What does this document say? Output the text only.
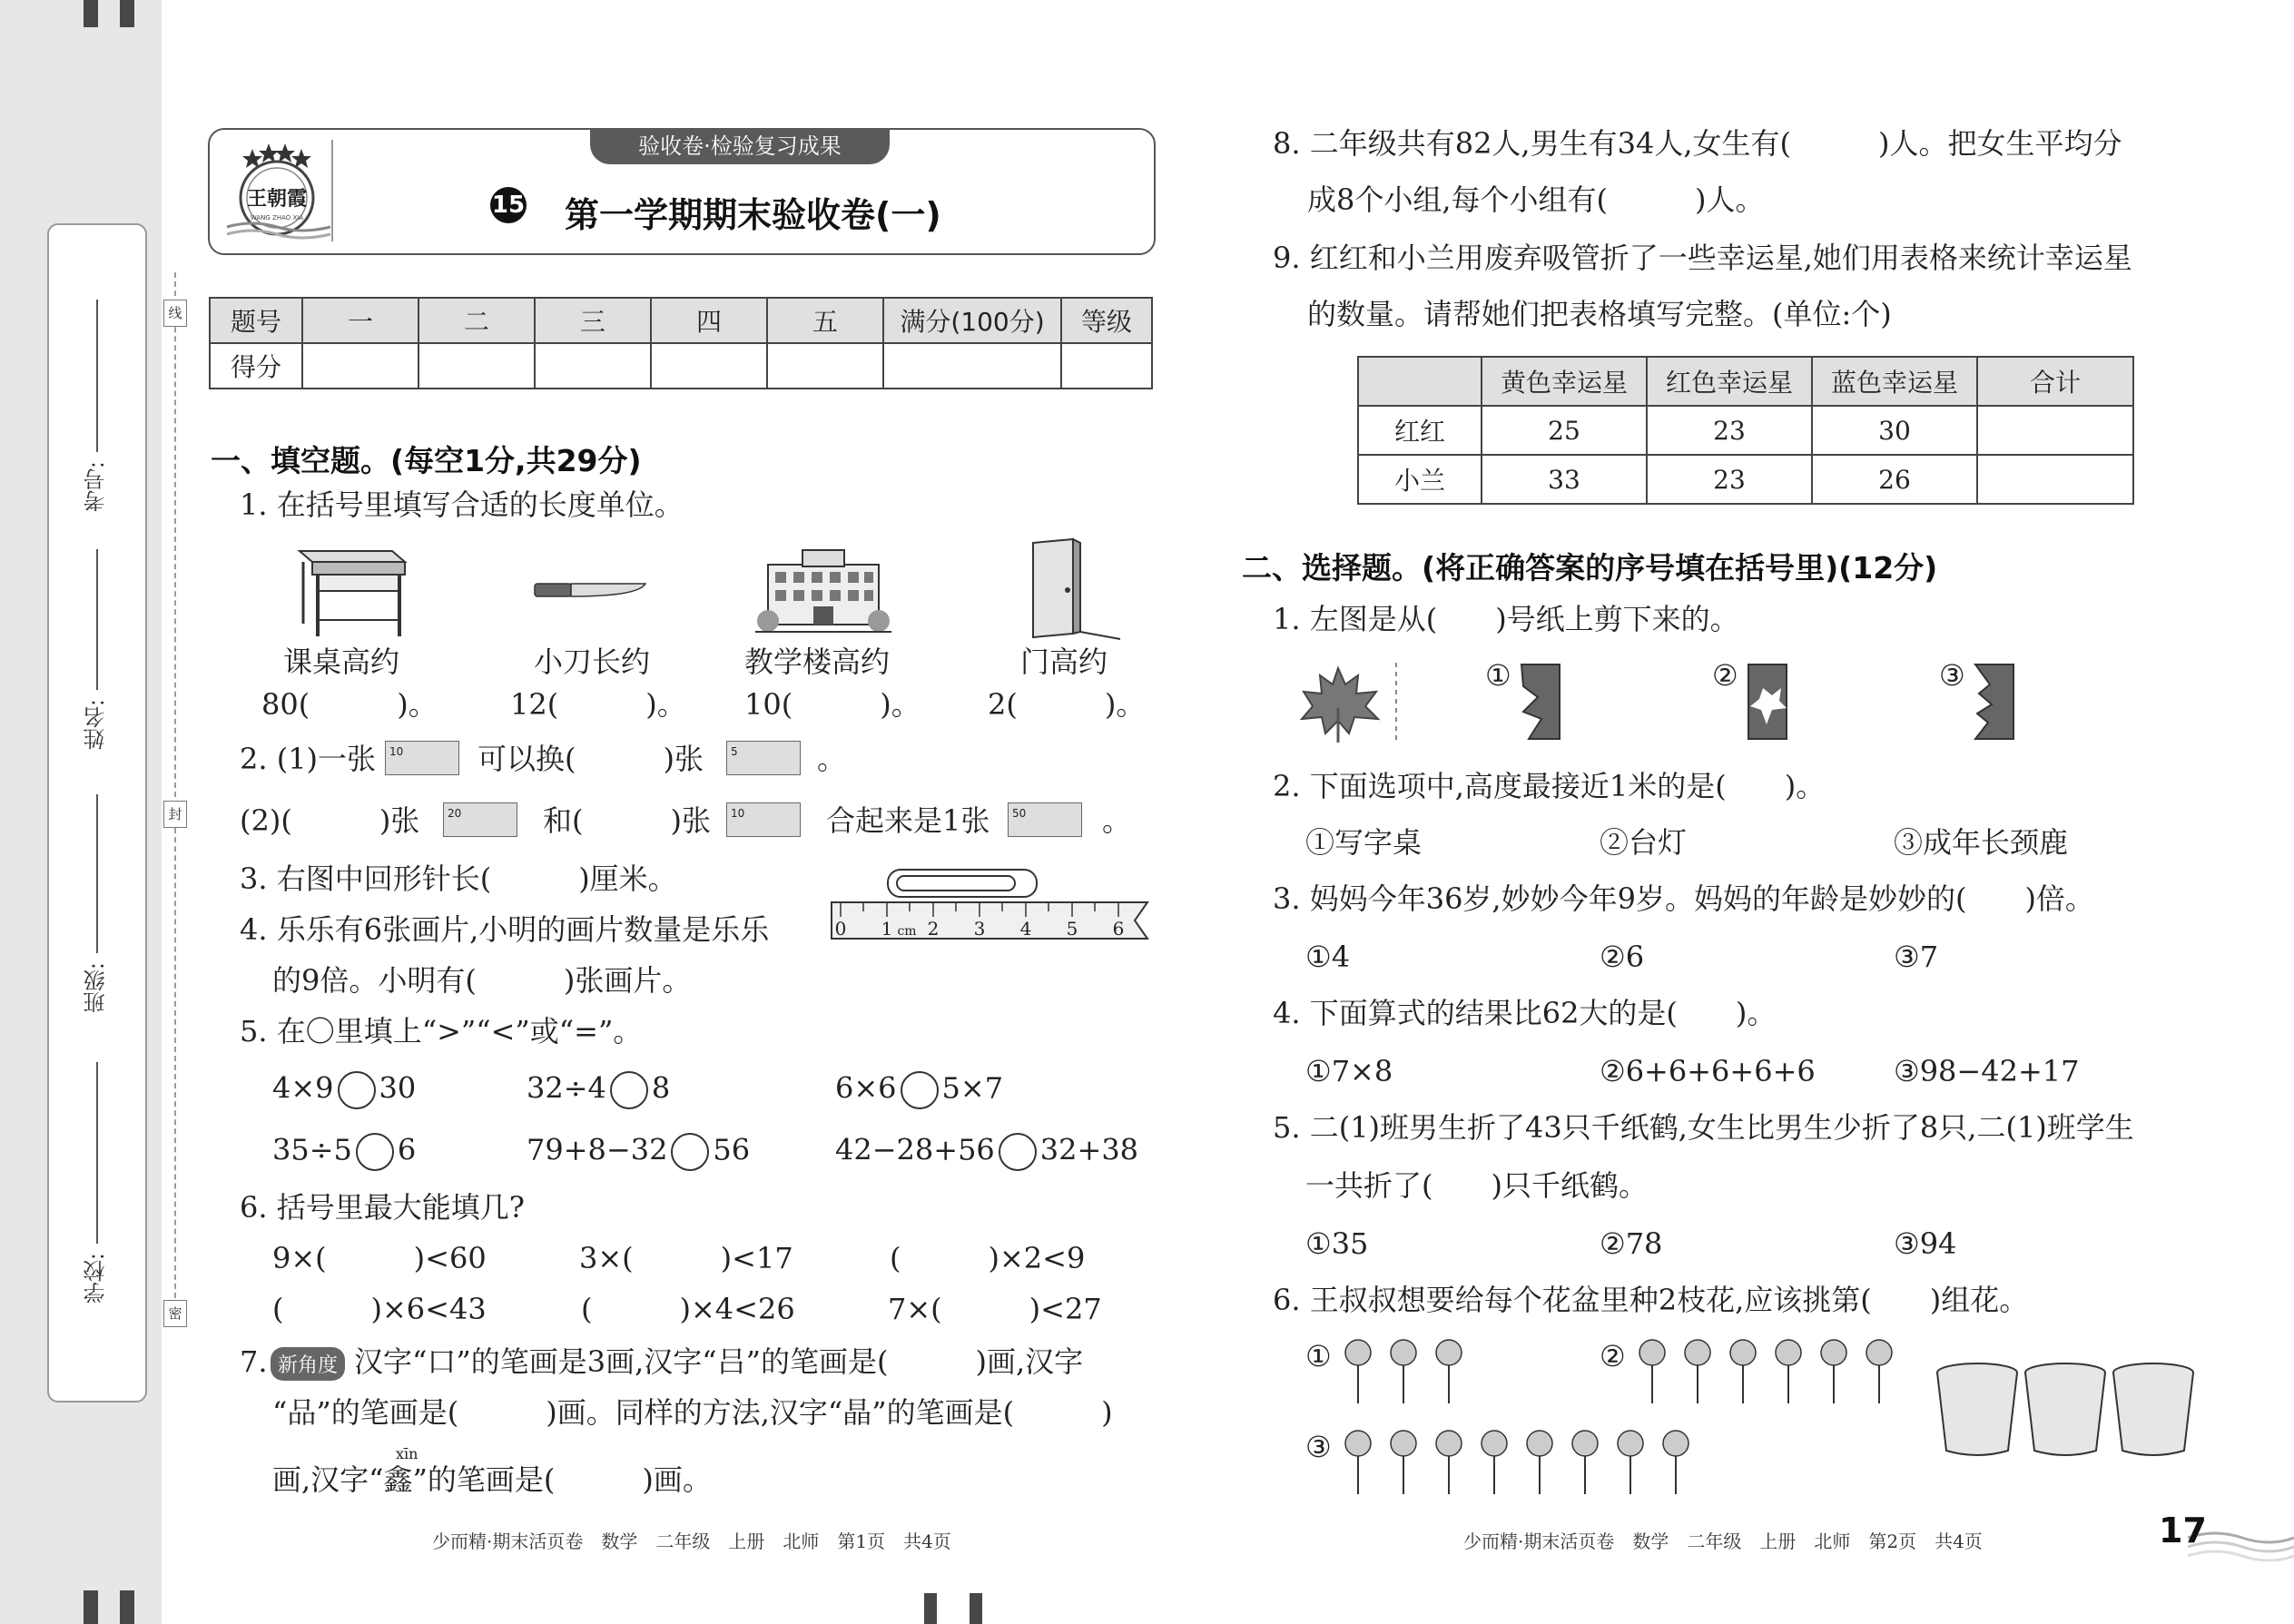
考号:
姓名:
班级:
学校:
线
封
密
验收卷·检验复习成果
王朝霞
WANG ZHAO XIA	15 第一学期期末验收卷(一)
题号	一	二	三	四	五	满分(100分)	等级
得分							
一、填空题。(每空1分,共29分)
1. 在括号里填写合适的长度单位。
课桌高约	小刀长约	教学楼高约	门高约
80(　　　)。	12(　　　)。 10(　　　)。 2(　　　)。
2. (1)一张	10	可以换(　　　)张	5	。
(2)(　　　)张	20	和(　　　)张	10	合起来是1张	50	。
3. 右图中回形针长(　　　)厘米。
0 1 cm 2 3 4 5 6
4. 乐乐有6张画片,小明的画片数量是乐乐
的9倍。小明有(　　　)张画片。
5. 在〇里填上“>”“<”或“=”。
4×9 30	32÷4 8	6×6 5×7
35÷5 6	79+8−32 56	42−28+56 32+38
6. 括号里最大能填几?
9×(　　　)<60	3×(　　　)<17	(　　　)×2<9
(　　　)×6<43	(　　　)×4<26	7×(　　　)<27
7. 新角度 汉字“口”的笔画是3画,汉字“吕”的笔画是(　　　)画,汉字
“品”的笔画是(　　　)画。同样的方法,汉字“晶”的笔画是(　　　)
xīn
画,汉字“鑫”的笔画是(　　　)画。
少而精·期末活页卷　数学　二年级　上册　北师　第1页　共4页
8. 二年级共有82人,男生有34人,女生有(　　　)人。把女生平均分
成8个小组,每个小组有(　　　)人。
9. 红红和小兰用废弃吸管折了一些幸运星,她们用表格来统计幸运星
的数量。请帮她们把表格填写完整。(单位:个)
	黄色幸运星	红色幸运星	蓝色幸运星	合计
红红	25	23	30	
小兰	33	23	26	
二、选择题。(将正确答案的序号填在括号里)(12分)
1. 左图是从(　　)号纸上剪下来的。
①	②	③
2. 下面选项中,高度最接近1米的是(　　)。
①写字桌	②台灯	③成年长颈鹿
3. 妈妈今年36岁,妙妙今年9岁。妈妈的年龄是妙妙的(　　)倍。
①4	②6	③7
4. 下面算式的结果比62大的是(　　)。
①7×8	②6+6+6+6+6	③98−42+17
5. 二(1)班男生折了43只千纸鹤,女生比男生少折了8只,二(1)班学生
一共折了(　　)只千纸鹤。
①35	②78	③94
6. 王叔叔想要给每个花盆里种2枝花,应该挑第(　　)组花。
①	②
③
少而精·期末活页卷　数学　二年级　上册　北师　第2页　共4页	17
